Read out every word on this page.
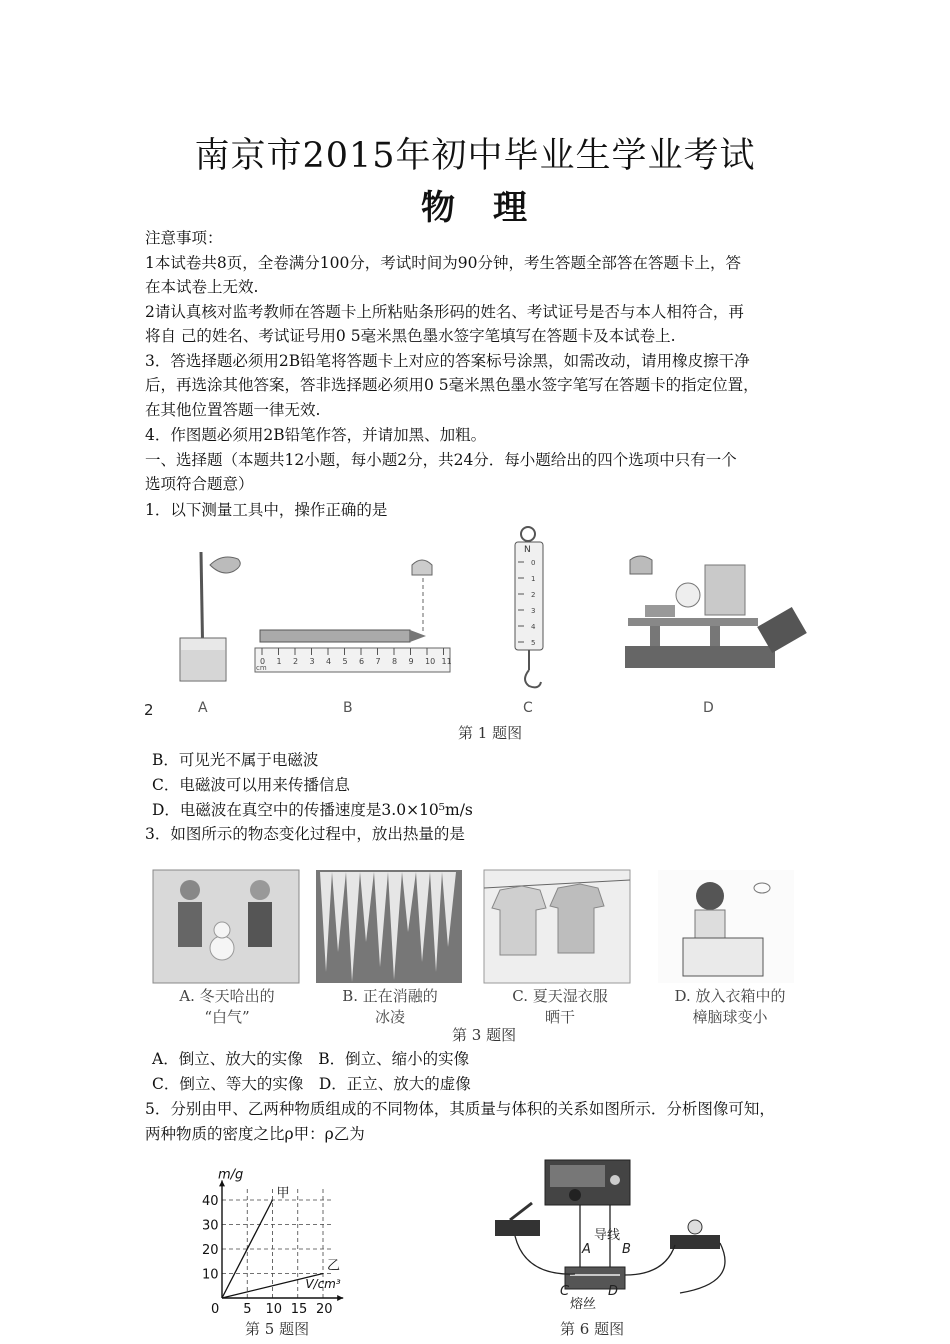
南京市2015年初中毕业生学业考试
物　理
注意事项：
1本试卷共8页，全卷满分100分，考试时间为90分钟，考生答题全部答在答题卡上，答
在本试卷上无效.
2请认真核对监考教师在答题卡上所粘贴条形码的姓名、考试证号是否与本人相符合，再
将自 己的姓名、考试证号用0 5毫米黑色墨水签字笔填写在答题卡及本试卷上.
3．答选择题必须用2B铅笔将答题卡上对应的答案标号涂黑，如需改动，请用橡皮擦干净
后，再选涂其他答案，答非选择题必须用0 5毫米黑色墨水签字笔写在答题卡的指定位置，
在其他位置答题一律无效.
4．作图题必须用2B铅笔作答，并请加黑、加粗。
一、选择题（本题共12小题，每小题2分，共24分．每小题给出的四个选项中只有一个
选项符合题意）
1．以下测量工具中，操作正确的是
0 1 2 3 4 5 6 7 8 9 10 11
cm
N
0
1
2
3
4
5
2	A	B	C	D
第 1 题图
B．可见光不属于电磁波
C．电磁波可以用来传播信息
D．电磁波在真空中的传播速度是3.0×10⁵m/s
3．如图所示的物态变化过程中，放出热量的是
A. 冬天哈出的
“白气”
B. 正在消融的
冰凌
C. 夏天湿衣服
晒干
D. 放入衣箱中的
樟脑球变小
第 3 题图
A．倒立、放大的实像　B．倒立、缩小的实像
C．倒立、等大的实像　D．正立、放大的虚像
5．分别由甲、乙两种物质组成的不同物体，其质量与体积的关系如图所示．分析图像可知，
两种物质的密度之比ρ甲：ρ乙为
0 5 10 15 20
10
20
30
40
m/g
V/cm³
甲
乙
第 5 题图
导线
A B
C	D
熔丝
第 6 题图
